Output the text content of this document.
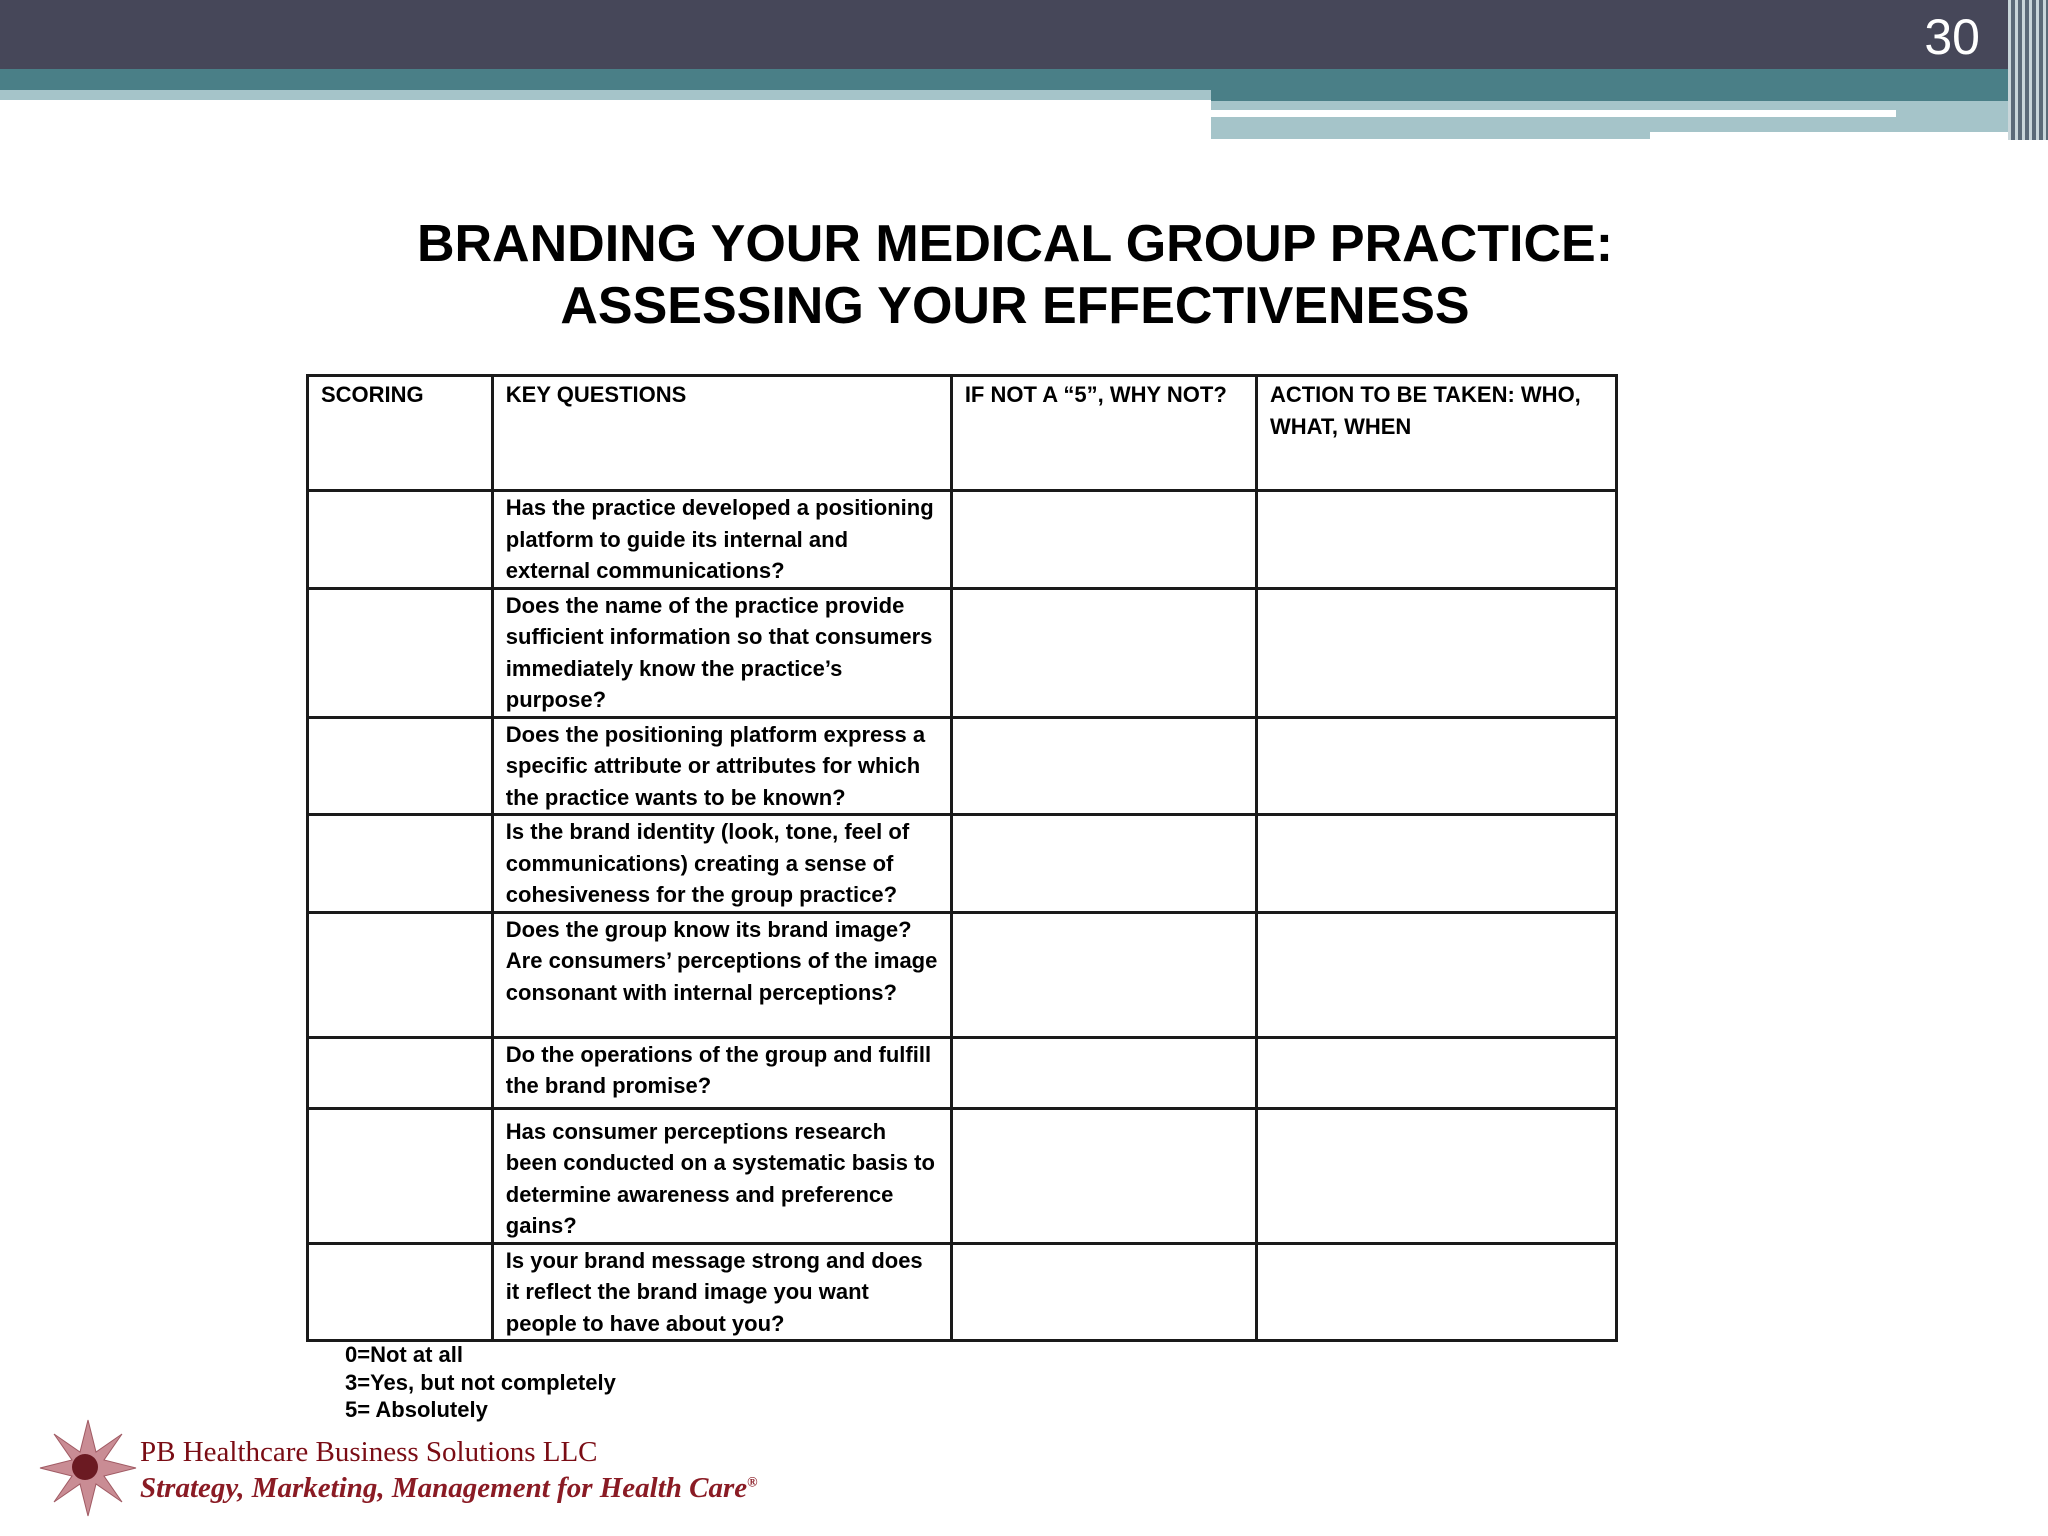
30
BRANDING YOUR MEDICAL GROUP PRACTICE:
ASSESSING YOUR EFFECTIVENESS
SCORING	KEY QUESTIONS	IF NOT A “5”, WHY NOT?	ACTION TO BE TAKEN: WHO, WHAT, WHEN
	Has the practice developed a positioning platform to guide its internal and external communications?		
	Does the name of the practice provide sufficient information so that consumers immediately know the practice’s purpose?		
	Does the positioning platform express a specific attribute or attributes for which the practice wants to be known?		
	Is the brand identity (look, tone, feel of communications) creating a sense of cohesiveness for the group practice?		
	Does the group know its brand image? Are consumers’ perceptions of the image consonant with internal perceptions?		
	Do the operations of the group and fulfill the brand promise?		
	Has consumer perceptions research been conducted on a systematic basis to determine awareness and preference gains?		
	Is your brand message strong and does it reflect the brand image you want people to have about you?		
0=Not at all
3=Yes, but not completely
5= Absolutely
PB Healthcare Business Solutions LLC
Strategy, Marketing, Management for Health Care®
